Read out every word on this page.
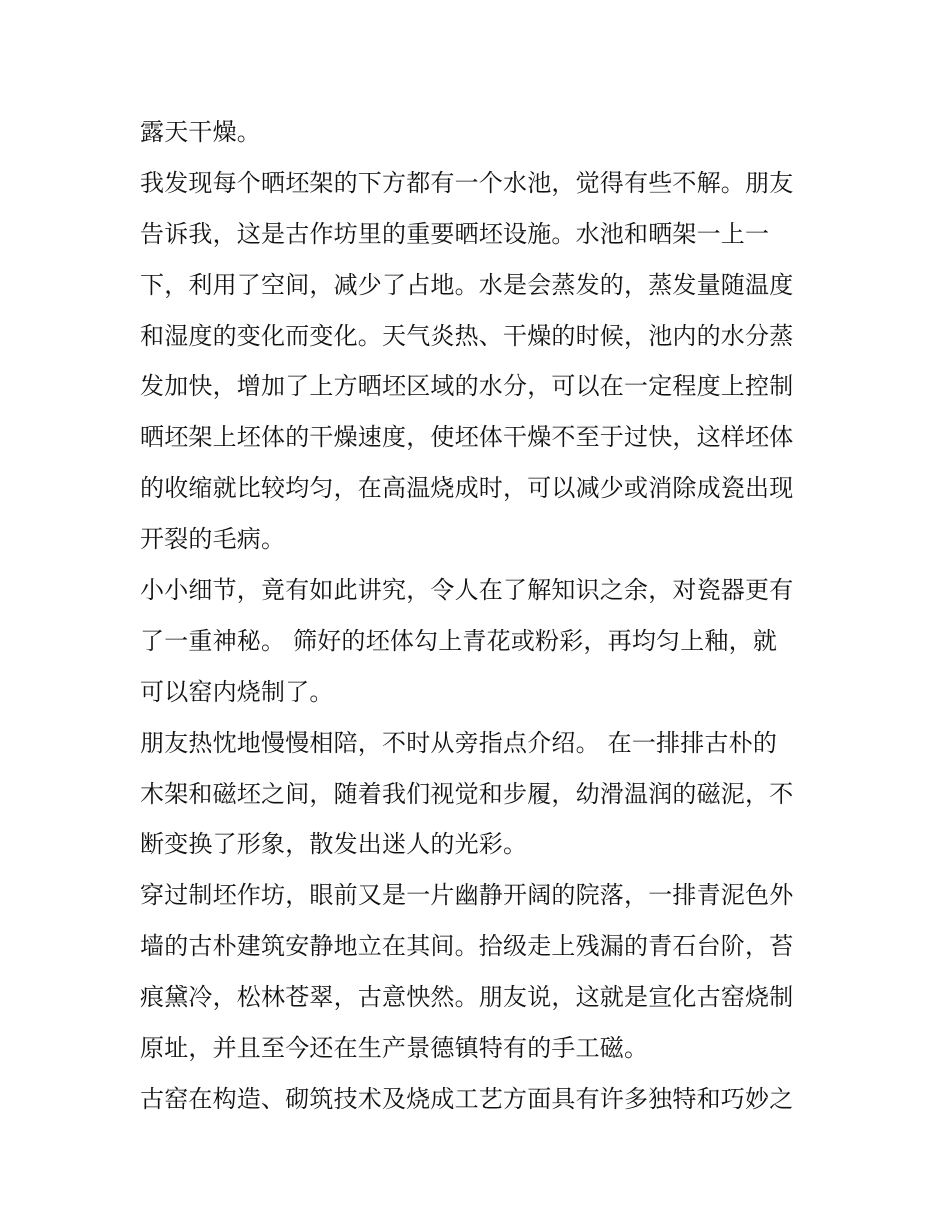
露天干燥。
我发现每个晒坯架的下方都有一个水池，觉得有些不解。朋友
告诉我，这是古作坊里的重要晒坯设施。水池和晒架一上一
下，利用了空间，减少了占地。水是会蒸发的，蒸发量随温度
和湿度的变化而变化。天气炎热、干燥的时候，池内的水分蒸
发加快，增加了上方晒坯区域的水分，可以在一定程度上控制
晒坯架上坯体的干燥速度，使坯体干燥不至于过快，这样坯体
的收缩就比较均匀，在高温烧成时，可以减少或消除成瓷出现
开裂的毛病。
小小细节，竟有如此讲究，令人在了解知识之余，对瓷器更有
了一重神秘。 筛好的坯体勾上青花或粉彩，再均匀上釉，就
可以窑内烧制了。
朋友热忱地慢慢相陪，不时从旁指点介绍。 在一排排古朴的
木架和磁坯之间，随着我们视觉和步履，幼滑温润的磁泥，不
断变换了形象，散发出迷人的光彩。
穿过制坯作坊，眼前又是一片幽静开阔的院落，一排青泥色外
墙的古朴建筑安静地立在其间。拾级走上残漏的青石台阶，苔
痕黛冷，松林苍翠，古意怏然。朋友说，这就是宣化古窑烧制
原址，并且至今还在生产景德镇特有的手工磁。
古窑在构造、砌筑技术及烧成工艺方面具有许多独特和巧妙之
